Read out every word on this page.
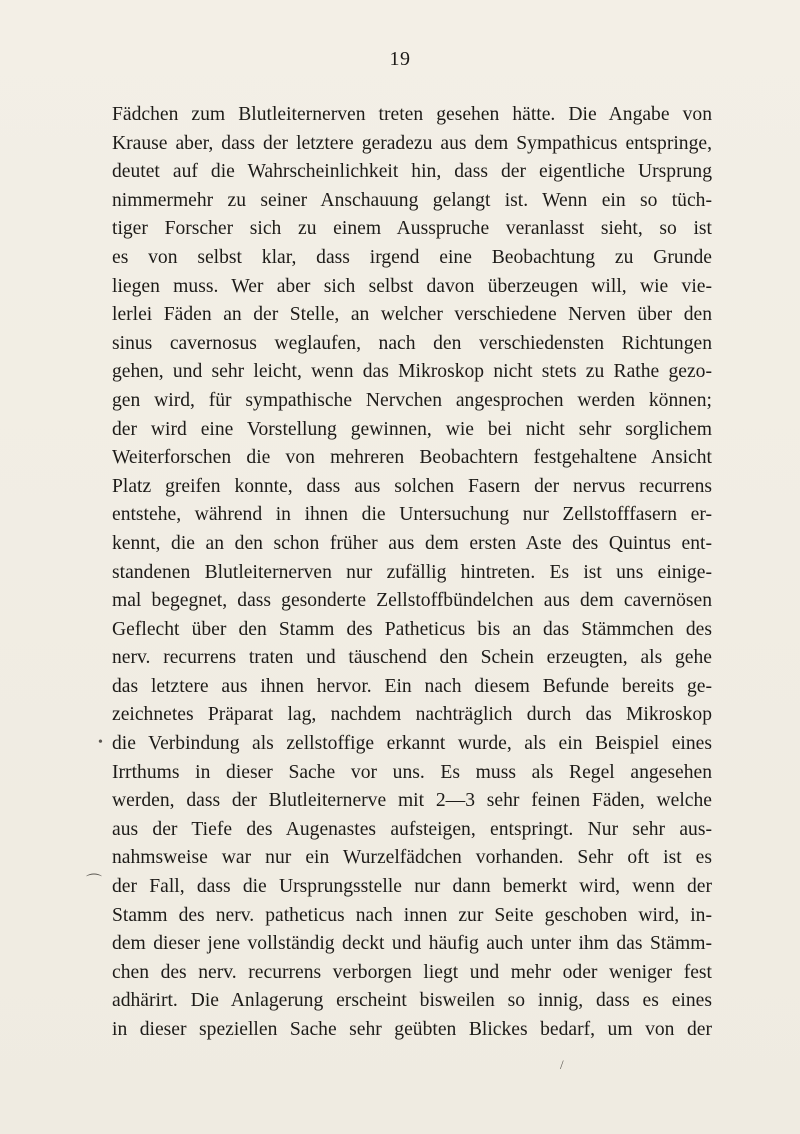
19
Fädchen zum Blutleiternerven treten gesehen hätte. Die Angabe von
Krause aber, dass der letztere geradezu aus dem Sympathicus entspringe,
deutet auf die Wahrscheinlichkeit hin, dass der eigentliche Ursprung
nimmermehr zu seiner Anschauung gelangt ist. Wenn ein so tüch-
tiger Forscher sich zu einem Ausspruche veranlasst sieht, so ist
es von selbst klar, dass irgend eine Beobachtung zu Grunde
liegen muss. Wer aber sich selbst davon überzeugen will, wie vie-
lerlei Fäden an der Stelle, an welcher verschiedene Nerven über den
sinus cavernosus weglaufen, nach den verschiedensten Richtungen
gehen, und sehr leicht, wenn das Mikroskop nicht stets zu Rathe gezo-
gen wird, für sympathische Nervchen angesprochen werden können;
der wird eine Vorstellung gewinnen, wie bei nicht sehr sorglichem
Weiterforschen die von mehreren Beobachtern festgehaltene Ansicht
Platz greifen konnte, dass aus solchen Fasern der nervus recurrens
entstehe, während in ihnen die Untersuchung nur Zellstofffasern er-
kennt, die an den schon früher aus dem ersten Aste des Quintus ent-
standenen Blutleiternerven nur zufällig hintreten. Es ist uns einige-
mal begegnet, dass gesonderte Zellstoffbündelchen aus dem cavernösen
Geflecht über den Stamm des Patheticus bis an das Stämmchen des
nerv. recurrens traten und täuschend den Schein erzeugten, als gehe
das letztere aus ihnen hervor. Ein nach diesem Befunde bereits ge-
zeichnetes Präparat lag, nachdem nachträglich durch das Mikroskop
die Verbindung als zellstoffige erkannt wurde, als ein Beispiel eines
Irrthums in dieser Sache vor uns. Es muss als Regel angesehen
werden, dass der Blutleiternerve mit 2—3 sehr feinen Fäden, welche
aus der Tiefe des Augenastes aufsteigen, entspringt. Nur sehr aus-
nahmsweise war nur ein Wurzelfädchen vorhanden. Sehr oft ist es
der Fall, dass die Ursprungsstelle nur dann bemerkt wird, wenn der
Stamm des nerv. patheticus nach innen zur Seite geschoben wird, in-
dem dieser jene vollständig deckt und häufig auch unter ihm das Stämm-
chen des nerv. recurrens verborgen liegt und mehr oder weniger fest
adhärirt. Die Anlagerung erscheint bisweilen so innig, dass es eines
in dieser speziellen Sache sehr geübten Blickes bedarf, um von der
•
⌒
/
